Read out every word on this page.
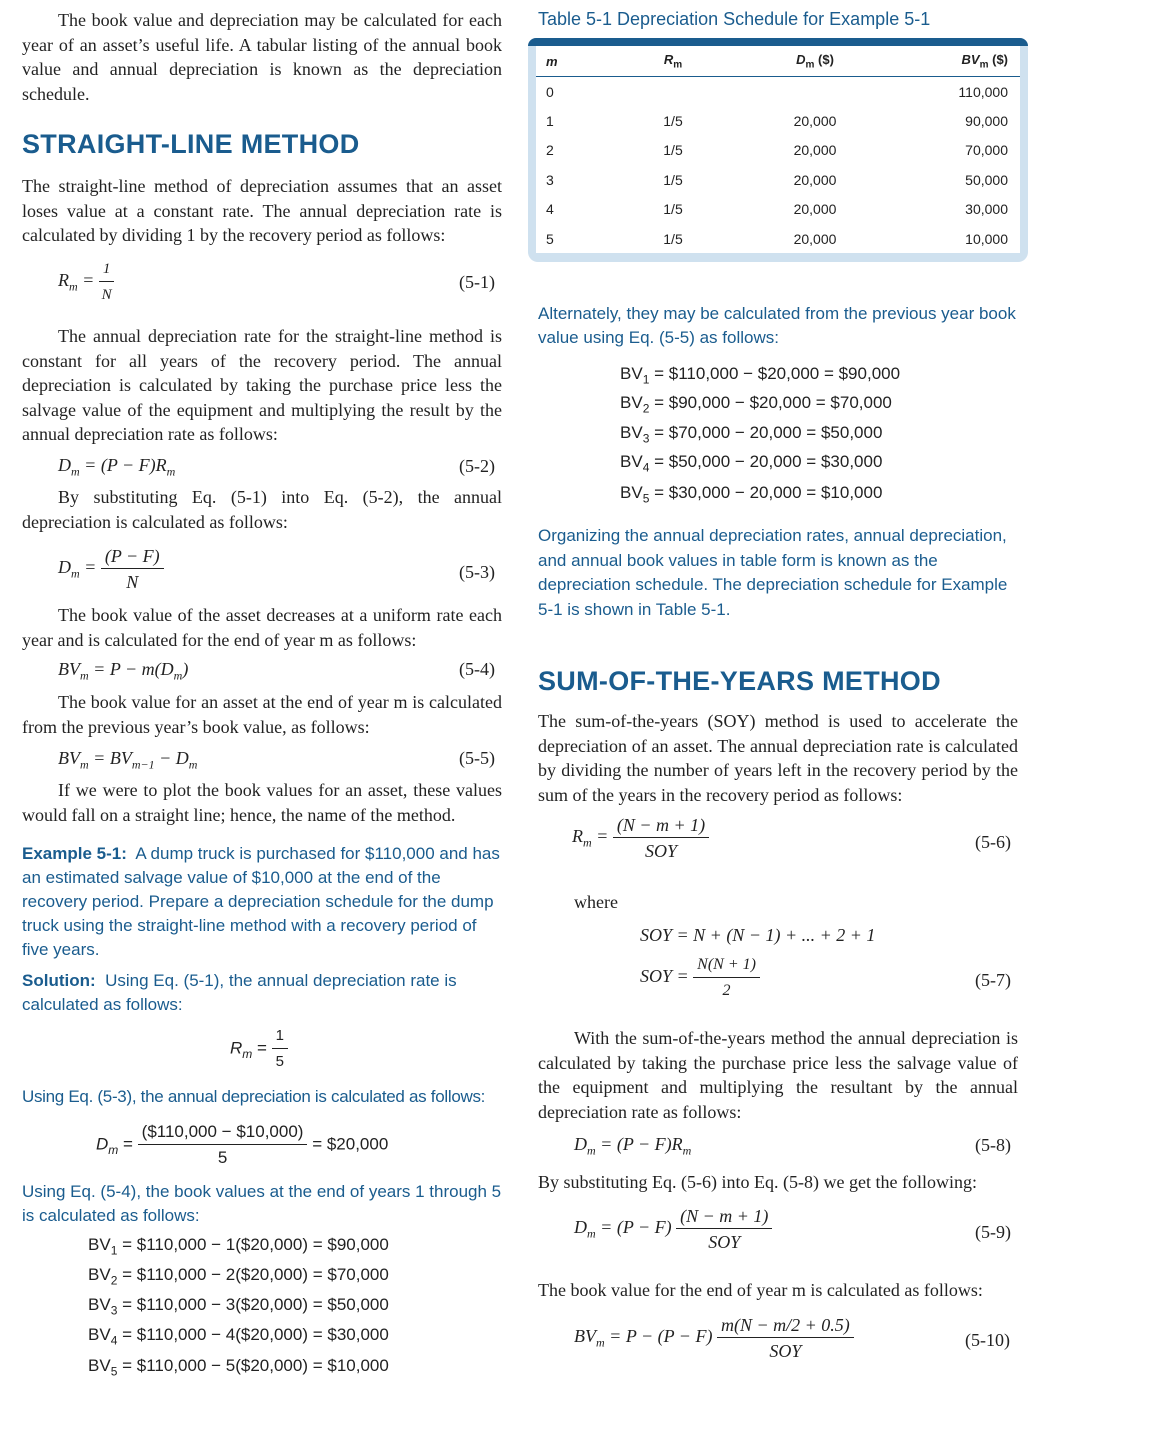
The book value and depreciation may be calculated for each year of an asset’s useful life. A tabular listing of the annual book value and annual depreciation is known as the depreciation schedule.

STRAIGHT-LINE METHOD

The straight-line method of depreciation assumes that an asset loses value at a constant rate. The annual depreciation rate is calculated by dividing 1 by the recovery period as follows:

$R_m = \frac{1}{N}$	(5-1)

The annual depreciation rate for the straight-line method is constant for all years of the recovery period. The annual depreciation is calculated by taking the purchase price less the salvage value of the equipment and multiplying the result by the annual depreciation rate as follows:

$D_m = (P - F)R_m$	(5-2)

By substituting Eq. (5-1) into Eq. (5-2), the annual depreciation is calculated as follows:

$D_m = \frac{(P - F)}{N}$	(5-3)

The book value of the asset decreases at a uniform rate each year and is calculated for the end of year m as follows:

$BV_m = P - m(D_m)$	(5-4)

The book value for an asset at the end of year m is calculated from the previous year’s book value, as follows:

$BV_m = BV_{m-1} - D_m$	(5-5)

If we were to plot the book values for an asset, these values would fall on a straight line; hence, the name of the method.

Example 5-1: A dump truck is purchased for $110,000 and has an estimated salvage value of $10,000 at the end of the recovery period. Prepare a depreciation schedule for the dump truck using the straight-line method with a recovery period of five years.

Solution: Using Eq. (5-1), the annual depreciation rate is calculated as follows:

$R_m = \frac{1}{5}$

Using Eq. (5-3), the annual depreciation is calculated as follows:

$D_m = \frac{(\$110,000 - \$10,000)}{5}$ = $20,000

Using Eq. (5-4), the book values at the end of years 1 through 5 is calculated as follows:

$BV_1$ = $110,000 − 1($20,000) = $90,000
$BV_2$ = $110,000 − 2($20,000) = $70,000
$BV_3$ = $110,000 − 3($20,000) = $50,000
$BV_4$ = $110,000 − 4($20,000) = $30,000
$BV_5$ = $110,000 − 5($20,000) = $10,000
Table 5-1 Depreciation Schedule for Example 5-1
m	$R_m$	$D_m$ ($)	$BV_m$ ($)
0			110,000
1	1/5	20,000	90,000
2	1/5	20,000	70,000
3	1/5	20,000	50,000
4	1/5	20,000	30,000
5	1/5	20,000	10,000

Alternately, they may be calculated from the previous year book value using Eq. (5-5) as follows:

$BV_1$ = $110,000 − $20,000 = $90,000
$BV_2$ = $90,000 − $20,000 = $70,000
$BV_3$ = $70,000 − 20,000 = $50,000
$BV_4$ = $50,000 − 20,000 = $30,000
$BV_5$ = $30,000 − 20,000 = $10,000

Organizing the annual depreciation rates, annual depreciation, and annual book values in table form is known as the depreciation schedule. The depreciation schedule for Example 5-1 is shown in Table 5-1.

SUM-OF-THE-YEARS METHOD

The sum-of-the-years (SOY) method is used to accelerate the depreciation of an asset. The annual depreciation rate is calculated by dividing the number of years left in the recovery period by the sum of the years in the recovery period as follows:

$R_m = \frac{(N - m + 1)}{\text{SOY}}$	(5-6)
where
SOY = N + (N − 1) + ... + 2 + 1
SOY = $\frac{N(N + 1)}{2}$	(5-7)

With the sum-of-the-years method the annual depreciation is calculated by taking the purchase price less the salvage value of the equipment and multiplying the resultant by the annual depreciation rate as follows:

$D_m = (P - F)R_m$	(5-8)

By substituting Eq. (5-6) into Eq. (5-8) we get the following:

$D_m = (P - F) \frac{(N - m + 1)}{\text{SOY}}$	(5-9)

The book value for the end of year m is calculated as follows:

$BV_m = P - (P - F) \frac{m(N - m/2 + 0.5)}{\text{SOY}}$	(5-10)
